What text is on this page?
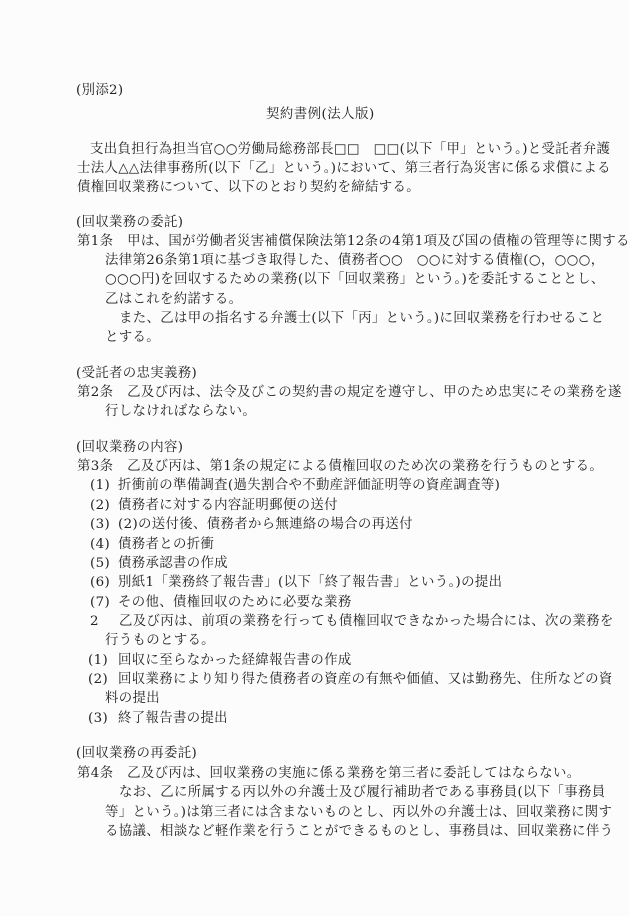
(別添2)
契約書例(法人版)
支出負担行為担当官○○労働局総務部長□□　□□(以下「甲」という。)と受託者弁護
士法人△△法律事務所(以下「乙」という。)において、第三者行為災害に係る求償による
債権回収業務について、以下のとおり契約を締結する。
(回収業務の委託)
第1条　甲は、国が労働者災害補償保険法第12条の4第1項及び国の債権の管理等に関する
法律第26条第1項に基づき取得した、債務者○○　○○に対する債権(○，○○○，
○○○円)を回収するための業務(以下「回収業務」という。)を委託することとし、
乙はこれを約諾する。
また、乙は甲の指名する弁護士(以下「丙」という。)に回収業務を行わせること
とする。
(受託者の忠実義務)
第2条　乙及び丙は、法令及びこの契約書の規定を遵守し、甲のため忠実にその業務を遂
行しなければならない。
(回収業務の内容)
第3条　乙及び丙は、第1条の規定による債権回収のため次の業務を行うものとする。
(1) 折衝前の準備調査(過失割合や不動産評価証明等の資産調査等)
(2) 債務者に対する内容証明郵便の送付
(3) (2)の送付後、債務者から無連絡の場合の再送付
(4) 債務者との折衝
(5) 債務承認書の作成
(6) 別紙1「業務終了報告書」(以下「終了報告書」という。)の提出
(7) その他、債権回収のために必要な業務
2 乙及び丙は、前項の業務を行っても債権回収できなかった場合には、次の業務を
行うものとする。
(1) 回収に至らなかった経緯報告書の作成
(2) 回収業務により知り得た債務者の資産の有無や価値、又は勤務先、住所などの資
料の提出
(3) 終了報告書の提出
(回収業務の再委託)
第4条　乙及び丙は、回収業務の実施に係る業務を第三者に委託してはならない。
なお、乙に所属する丙以外の弁護士及び履行補助者である事務員(以下「事務員
等」という。)は第三者には含まないものとし、丙以外の弁護士は、回収業務に関す
る協議、相談など軽作業を行うことができるものとし、事務員は、回収業務に伴う
